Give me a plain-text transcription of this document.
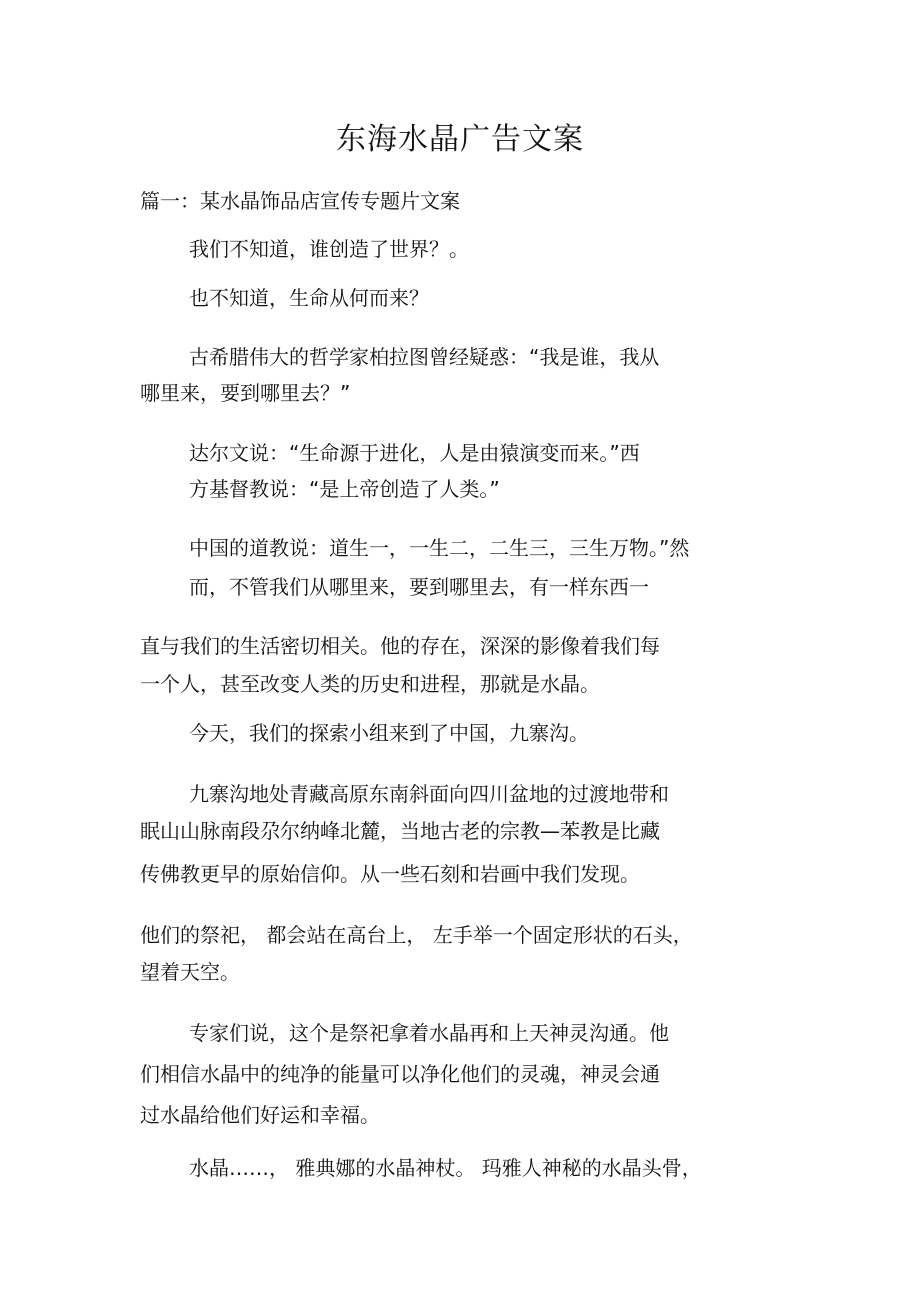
东海水晶广告文案

篇一：某水晶饰品店宣传专题片文案

我们不知道，谁创造了世界？。

也不知道，生命从何而来？

古希腊伟大的哲学家柏拉图曾经疑惑：“我是谁，我从

哪里来，要到哪里去？”

达尔文说：“生命源于进化，人是由猿演变而来。”西

方基督教说：“是上帝创造了人类。”

中国的道教说：道生一，一生二，二生三，三生万物。”然

而，不管我们从哪里来，要到哪里去，有一样东西一

直与我们的生活密切相关。他的存在，深深的影像着我们每

一个人，甚至改变人类的历史和进程，那就是水晶。

今天，我们的探索小组来到了中国，九寨沟。

九寨沟地处青藏高原东南斜面向四川盆地的过渡地带和

眠山山脉南段尕尔纳峰北麓，当地古老的宗教—苯教是比藏

传佛教更早的原始信仰。从一些石刻和岩画中我们发现。

他们的祭祀， 都会站在高台上， 左手举一个固定形状的石头，

望着天空。

专家们说，这个是祭祀拿着水晶再和上天神灵沟通。他

们相信水晶中的纯净的能量可以净化他们的灵魂，神灵会通

过水晶给他们好运和幸福。

水晶……， 雅典娜的水晶神杖。 玛雅人神秘的水晶头骨，
